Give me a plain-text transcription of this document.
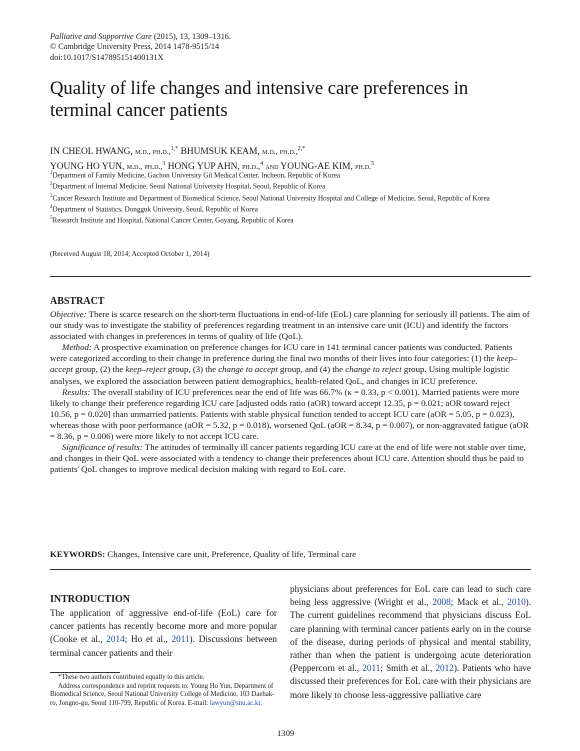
Palliative and Supportive Care (2015), 13, 1309–1316.
© Cambridge University Press, 2014 1478-9515/14
doi:10.1017/S147895151400131X
Quality of life changes and intensive care preferences in terminal cancer patients
IN CHEOL HWANG, m.d., ph.d.,$^{1,*}$ BHUMSUK KEAM, m.d., ph.d.,$^{2,*}$
YOUNG HO YUN, m.d., ph.d.,$^3$ HONG YUP AHN, ph.d.,$^4$ and YOUNG-AE KIM, ph.d.$^5$
$^1$Department of Family Medicine, Gachon University Gil Medical Center, Incheon, Republic of Korea
$^2$Department of Internal Medicine, Seoul National University Hospital, Seoul, Republic of Korea
$^3$Cancer Research Institute and Department of Biomedical Science, Seoul National University Hospital and College of Medicine, Seoul, Republic of Korea
$^4$Department of Statistics, Dongguk University, Seoul, Republic of Korea
$^5$Research Institute and Hospital, National Cancer Center, Goyang, Republic of Korea
(Received August 18, 2014; Accepted October 1, 2014)
ABSTRACT

Objective: There is scarce research on the short-term fluctuations in end-of-life (EoL) care planning for seriously ill patients. The aim of our study was to investigate the stability of preferences regarding treatment in an intensive care unit (ICU) and identify the factors associated with changes in preferences in terms of quality of life (QoL).

Method: A prospective examination on preference changes for ICU care in 141 terminal cancer patients was conducted. Patients were categorized according to their change in preference during the final two months of their lives into four categories: (1) the keep–accept group, (2) the keep–reject group, (3) the change to accept group, and (4) the change to reject group. Using multiple logistic analyses, we explored the association between patient demographics, health-related QoL, and changes in ICU preference.

Results: The overall stability of ICU preferences near the end of life was 66.7% (κ = 0.33, p < 0.001). Married patients were more likely to change their preference regarding ICU care [adjusted odds ratio (aOR) toward accept 12.35, p = 0.021; aOR toward reject 10.56, p = 0.020] than unmarried patients. Patients with stable physical function tended to accept ICU care (aOR = 5.05, p = 0.023), whereas those with poor performance (aOR = 5.32, p = 0.018), worsened QoL (aOR = 8.34, p = 0.007), or non-aggravated fatigue (aOR = 8.36, p = 0.006) were more likely to not accept ICU care.

Significance of results: The attitudes of terminally ill cancer patients regarding ICU care at the end of life were not stable over time, and changes in their QoL were associated with a tendency to change their preferences about ICU care. Attention should thus be paid to patients' QoL changes to improve medical decision making with regard to EoL care.

KEYWORDS: Changes, Intensive care unit, Preference, Quality of life, Terminal care
INTRODUCTION
The application of aggressive end-of-life (EoL) care for cancer patients has recently become more and more popular (Cooke et al., 2014; Ho et al., 2011). Discussions between terminal cancer patients and their
physicians about preferences for EoL care can lead to such care being less aggressive (Wright et al., 2008; Mack et al., 2010). The current guidelines recommend that physicians discuss EoL care planning with terminal cancer patients early on in the course of the disease, during periods of physical and mental stability, rather than when the patient is undergoing acute deterioration (Peppercorn et al., 2011; Smith et al., 2012). Patients who have discussed their preferences for EoL care with their physicians are more likely to choose less-aggressive palliative care

*These two authors contributed equally to this article.

Address correspondence and reprint requests to: Young Ho Yun, Department of Biomedical Science, Seoul National University College of Medicine, 103 Daehak-ro, Jongno-gu, Seoul 110-799, Republic of Korea. E-mail: lawyun@snu.ac.kr.

1309
